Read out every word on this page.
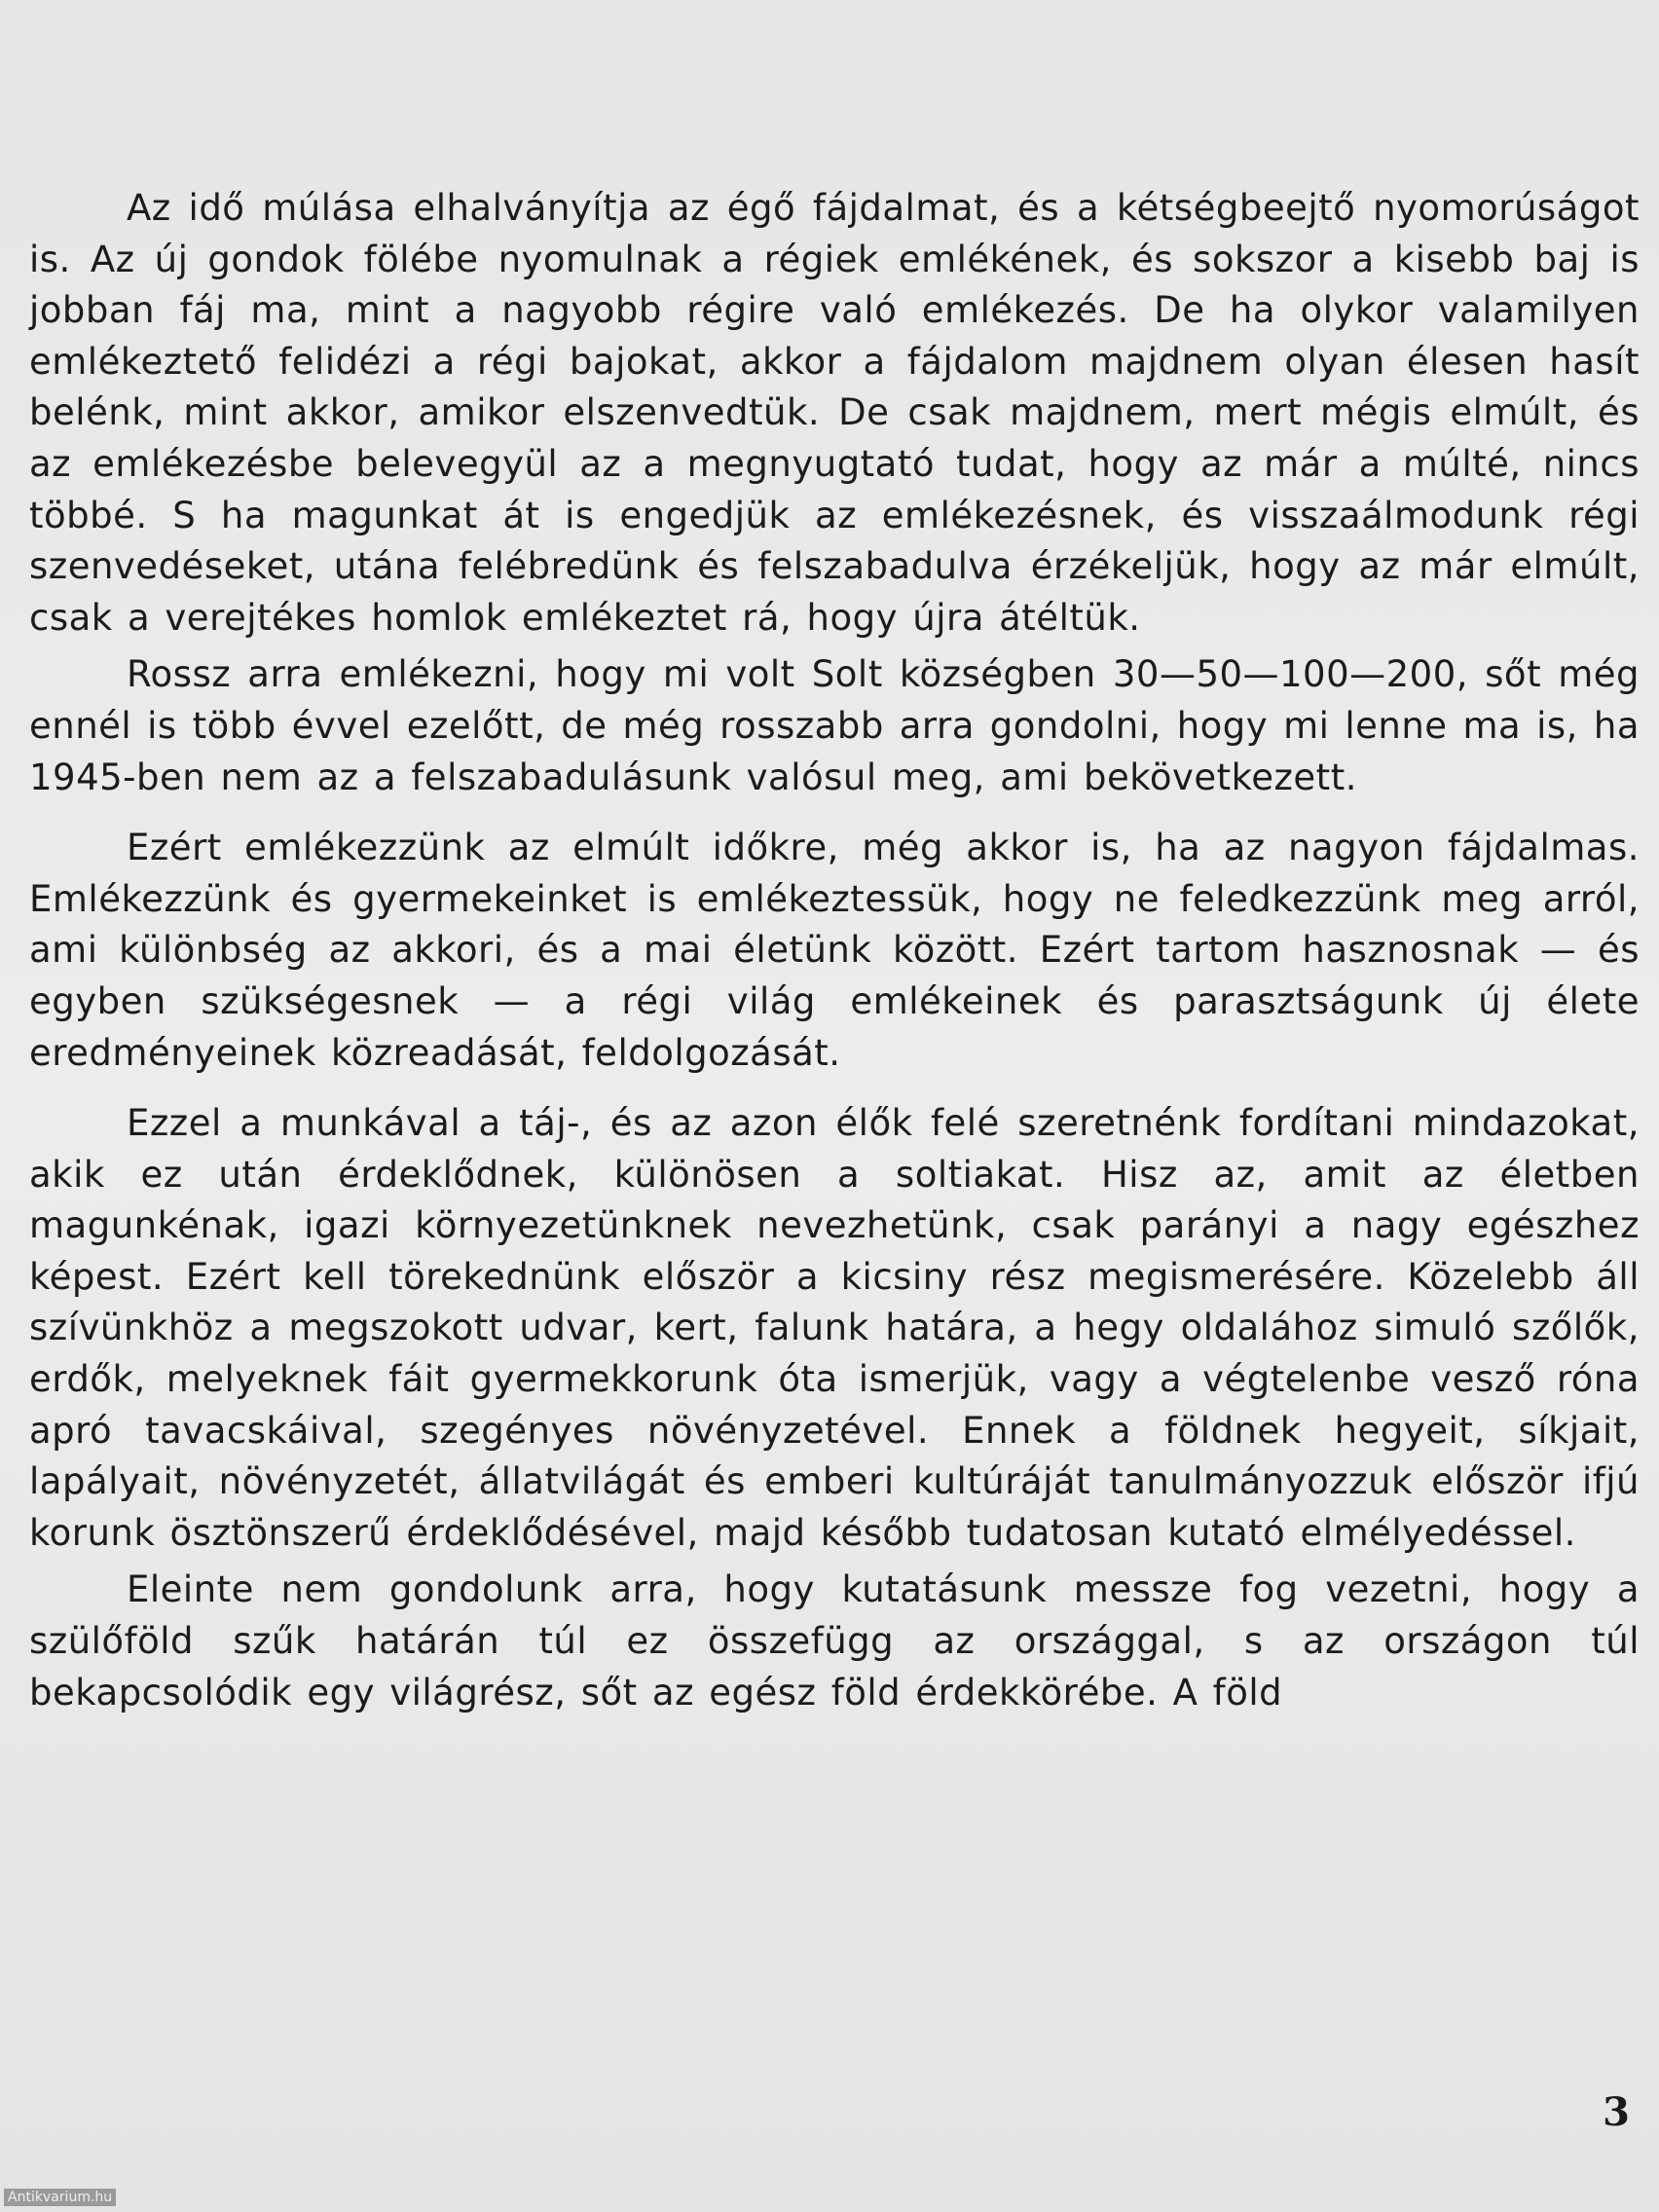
Az idő múlása elhalványítja az égő fájdalmat, és a kétségbeejtő nyomorúságot is. Az új gondok fölébe nyomulnak a régiek emlékének, és sokszor a kisebb baj is jobban fáj ma, mint a nagyobb régire való emlékezés. De ha olykor valamilyen emlékeztető felidézi a régi bajokat, akkor a fájdalom majdnem olyan élesen hasít belénk, mint akkor, amikor elszenvedtük. De csak majdnem, mert mégis elmúlt, és az emlékezésbe belevegyül az a megnyugtató tudat, hogy az már a múlté, nincs többé. S ha magunkat át is engedjük az emlékezésnek, és visszaálmodunk régi szenvedéseket, utána felébredünk és felszabadulva érzékeljük, hogy az már elmúlt, csak a verejtékes homlok emlékeztet rá, hogy újra átéltük.

Rossz arra emlékezni, hogy mi volt Solt községben 30—50—100—200, sőt még ennél is több évvel ezelőtt, de még rosszabb arra gondolni, hogy mi lenne ma is, ha 1945-ben nem az a felszabadulásunk valósul meg, ami bekövetkezett.

Ezért emlékezzünk az elmúlt időkre, még akkor is, ha az nagyon fájdalmas. Emlékezzünk és gyermekeinket is emlékeztessük, hogy ne feledkezzünk meg arról, ami különbség az akkori, és a mai életünk között. Ezért tartom hasznosnak — és egyben szükségesnek — a régi világ emlékeinek és parasztságunk új élete eredményeinek közreadását, feldolgozását.

Ezzel a munkával a táj-, és az azon élők felé szeretnénk fordítani mindazokat, akik ez után érdeklődnek, különösen a soltiakat. Hisz az, amit az életben magunkénak, igazi környezetünknek nevezhetünk, csak parányi a nagy egészhez képest. Ezért kell törekednünk először a kicsiny rész megismerésére. Közelebb áll szívünkhöz a megszokott udvar, kert, falunk határa, a hegy oldalához simuló szőlők, erdők, melyeknek fáit gyermekkorunk óta ismerjük, vagy a végtelenbe vesző róna apró tavacskáival, szegényes növényzetével. Ennek a földnek hegyeit, síkjait, lapályait, növényzetét, állatvilágát és emberi kultúráját tanulmányozzuk először ifjú korunk ösztönszerű érdeklődésével, majd később tudatosan kutató elmélyedéssel.

Eleinte nem gondolunk arra, hogy kutatásunk messze fog vezetni, hogy a szülőföld szűk határán túl ez összefügg az országgal, s az országon túl bekapcsolódik egy világrész, sőt az egész föld érdekkörébe. A föld

3
Antikvarium.hu
